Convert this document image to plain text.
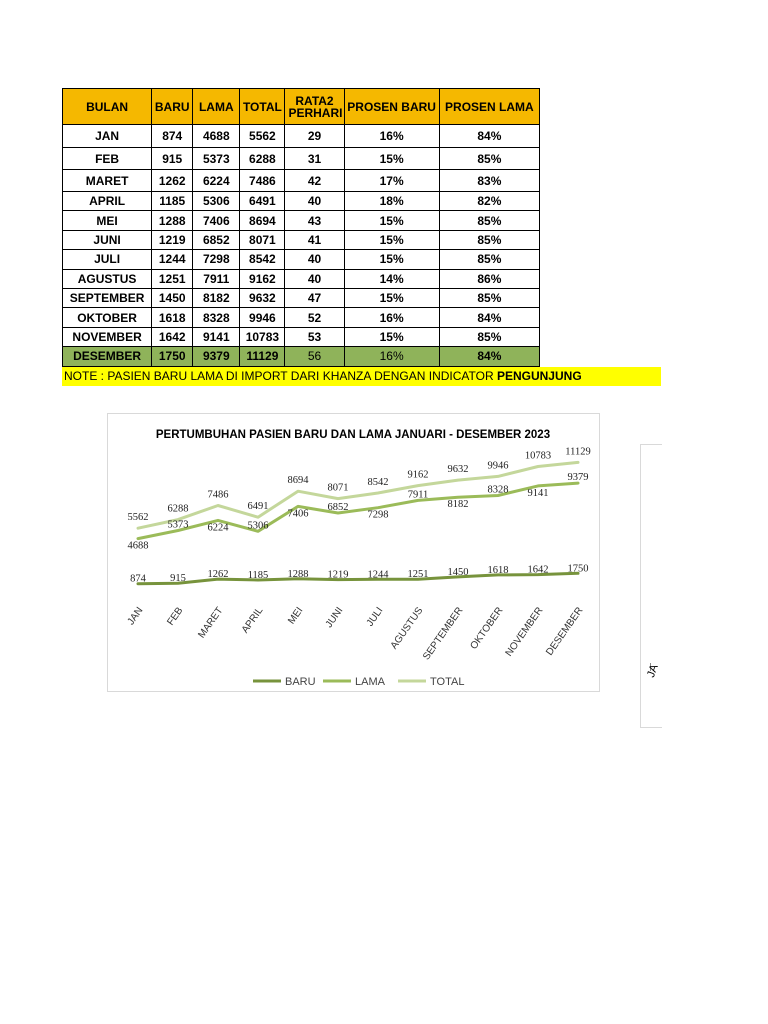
BULAN	BARU	LAMA	TOTAL	RATA2 PERHARI	PROSEN BARU	PROSEN LAMA
JAN	874	4688	5562	29	16%	84%
FEB	915	5373	6288	31	15%	85%
MARET	1262	6224	7486	42	17%	83%
APRIL	1185	5306	6491	40	18%	82%
MEI	1288	7406	8694	43	15%	85%
JUNI	1219	6852	8071	41	15%	85%
JULI	1244	7298	8542	40	15%	85%
AGUSTUS	1251	7911	9162	40	14%	86%
SEPTEMBER	1450	8182	9632	47	15%	85%
OKTOBER	1618	8328	9946	52	16%	84%
NOVEMBER	1642	9141	10783	53	15%	85%
DESEMBER	1750	9379	11129	56	16%	84%
NOTE : PASIEN BARU LAMA DI IMPORT DARI KHANZA DENGAN INDICATOR PENGUNJUNG
PERTUMBUHAN PASIEN BARU DAN LAMA JANUARI - DESEMBER 2023
874 915 1262 1185 1288 1219 1244 1251 1450 1618 1642 1750
4688
5373 6224 5306
7406
6852
7298
7911
8182
8328 9141
9379
5562
6288
7486
6491
8694
8071
8542
9162 9632 9946
10783 11129
JAN FEB MARET APRIL MEI JUNI JULI AGUSTUS
SEPTEMBER OKTOBER
NOVEMBER
DESEMBER
BARU	LAMA	TOTAL
JA
